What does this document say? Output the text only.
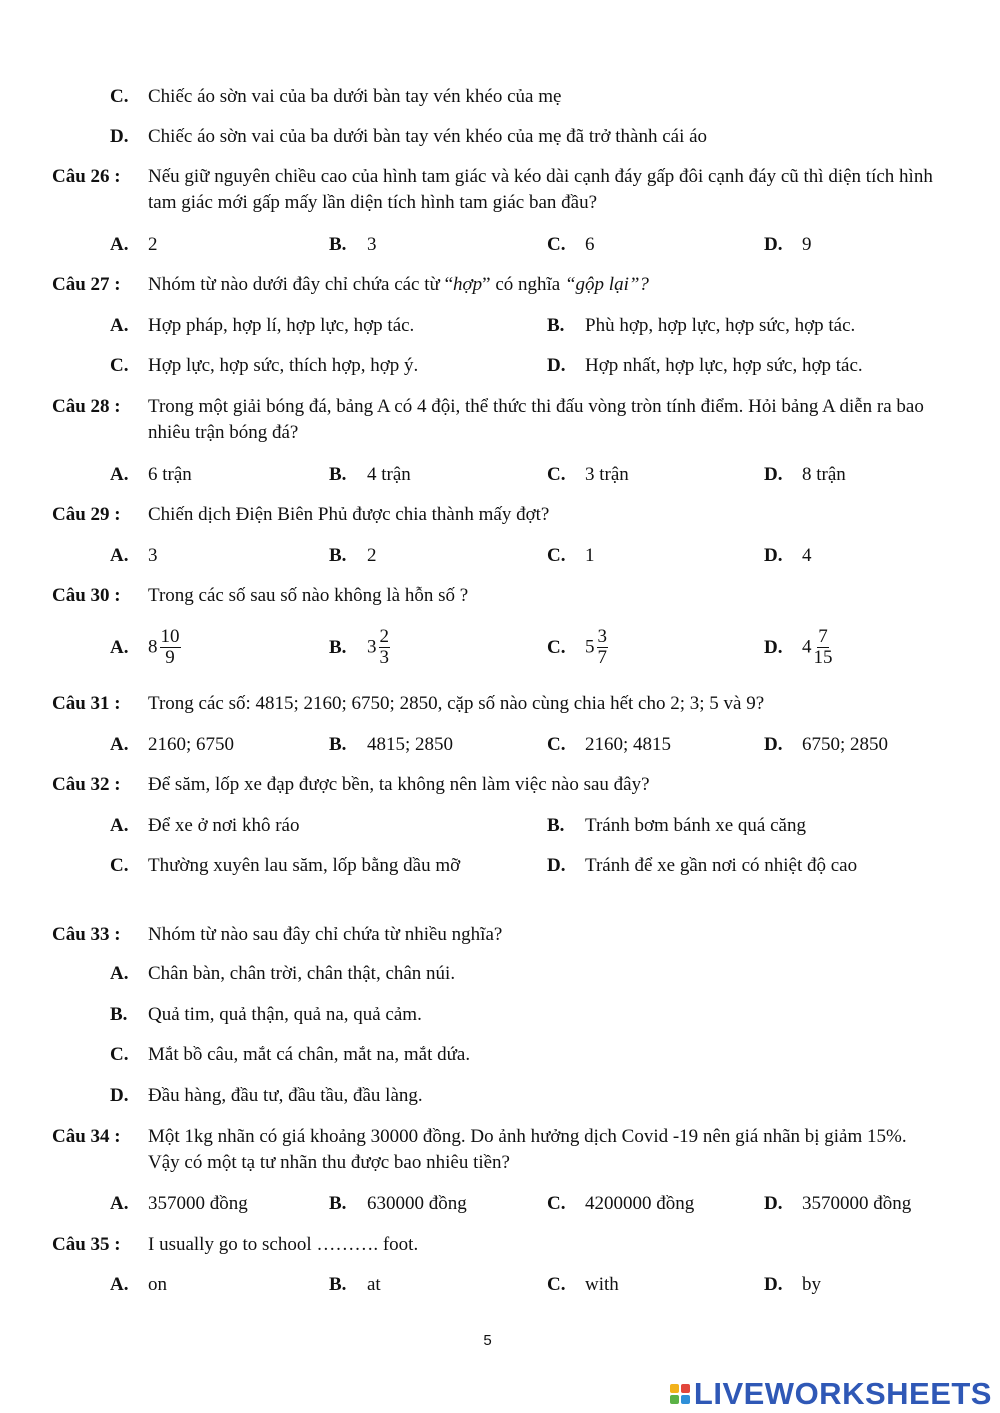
C. Chiếc áo sờn vai của ba dưới bàn tay vén khéo của mẹ
D. Chiếc áo sờn vai của ba dưới bàn tay vén khéo của mẹ đã trở thành cái áo
Câu 26 : Nếu giữ nguyên chiều cao của hình tam giác và kéo dài cạnh đáy gấp đôi cạnh đáy cũ thì diện tích hình tam giác mới gấp mấy lần diện tích hình tam giác ban đầu?
A. 2	B. 3	C. 6	D. 9
Câu 27 : Nhóm từ nào dưới đây chỉ chứa các từ “hợp” có nghĩa “gộp lại”?
A. Hợp pháp, hợp lí, hợp lực, hợp tác.	B. Phù hợp, hợp lực, hợp sức, hợp tác.
C. Hợp lực, hợp sức, thích hợp, hợp ý.	D. Hợp nhất, hợp lực, hợp sức, hợp tác.
Câu 28 : Trong một giải bóng đá, bảng A có 4 đội, thể thức thi đấu vòng tròn tính điểm. Hỏi bảng A diễn ra bao nhiêu trận bóng đá?
A. 6 trận	B. 4 trận	C. 3 trận	D. 8 trận
Câu 29 : Chiến dịch Điện Biên Phủ được chia thành mấy đợt?
A. 3	B. 2	C. 1	D. 4
Câu 30 : Trong các số sau số nào không là hỗn số ?
A. $8 \frac{10}{9}$	B. $3 \frac{2}{3}$	C. $5 \frac{3}{7}$	D. $4 \frac{7}{15}$
Câu 31 : Trong các số: 4815; 2160; 6750; 2850, cặp số nào cùng chia hết cho 2; 3; 5 và 9?
A. 2160; 6750	B. 4815; 2850	C. 2160; 4815	D. 6750; 2850
Câu 32 : Để săm, lốp xe đạp được bền, ta không nên làm việc nào sau đây?
A. Để xe ở nơi khô ráo	B. Tránh bơm bánh xe quá căng
C. Thường xuyên lau săm, lốp bằng dầu mỡ	D. Tránh để xe gần nơi có nhiệt độ cao
Câu 33 : Nhóm từ nào sau đây chỉ chứa từ nhiều nghĩa?
A. Chân bàn, chân trời, chân thật, chân núi.
B. Quả tim, quả thận, quả na, quả cảm.
C. Mắt bồ câu, mắt cá chân, mắt na, mắt dứa.
D. Đầu hàng, đầu tư, đầu tầu, đầu làng.
Câu 34 : Một 1kg nhãn có giá khoảng 30000 đồng. Do ảnh hưởng dịch Covid -19 nên giá nhãn bị giảm 15%. Vậy có một tạ tư nhãn thu được bao nhiêu tiền?
A. 357000 đồng	B. 630000 đồng	C. 4200000 đồng	D. 3570000 đồng
Câu 35 : I usually go to school ………. foot.
A. on	B. at	C. with	D. by
5
LIVEWORKSHEETS
